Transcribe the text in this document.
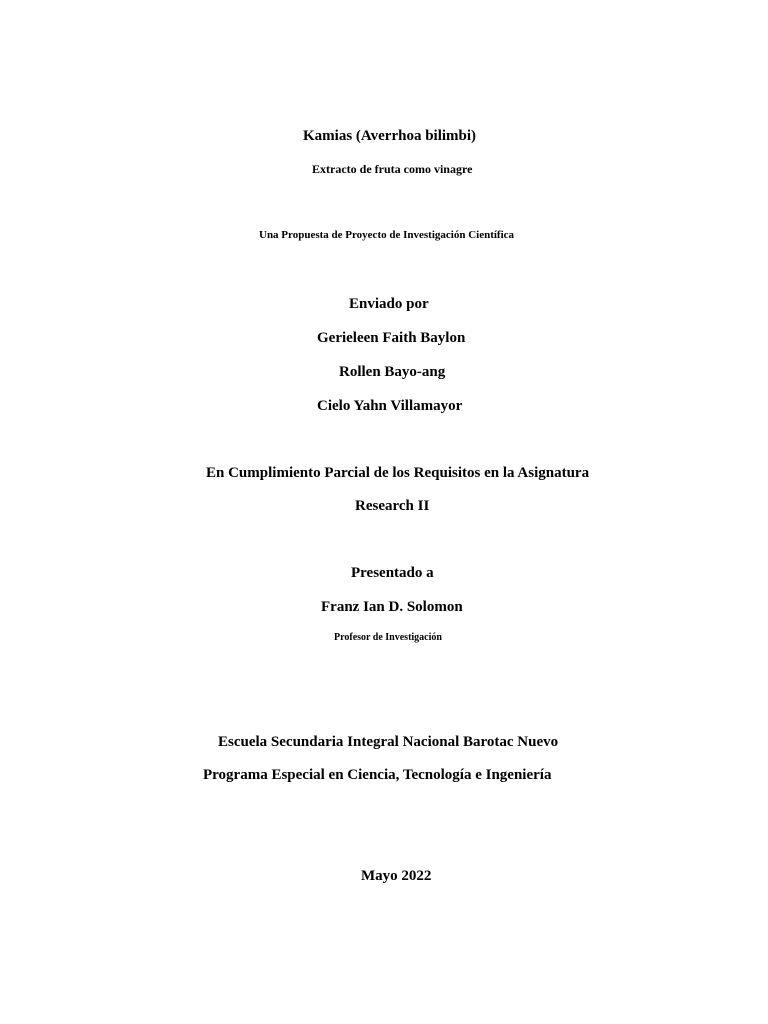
Kamias (Averrhoa bilimbi)
Extracto de fruta como vinagre
Una Propuesta de Proyecto de Investigación Científica
Enviado por
Gerieleen Faith Baylon
Rollen Bayo-ang
Cielo Yahn Villamayor
En Cumplimiento Parcial de los Requisitos en la Asignatura
Research II
Presentado a
Franz Ian D. Solomon
Profesor de Investigación
Escuela Secundaria Integral Nacional Barotac Nuevo
Programa Especial en Ciencia, Tecnología e Ingeniería
Mayo 2022
